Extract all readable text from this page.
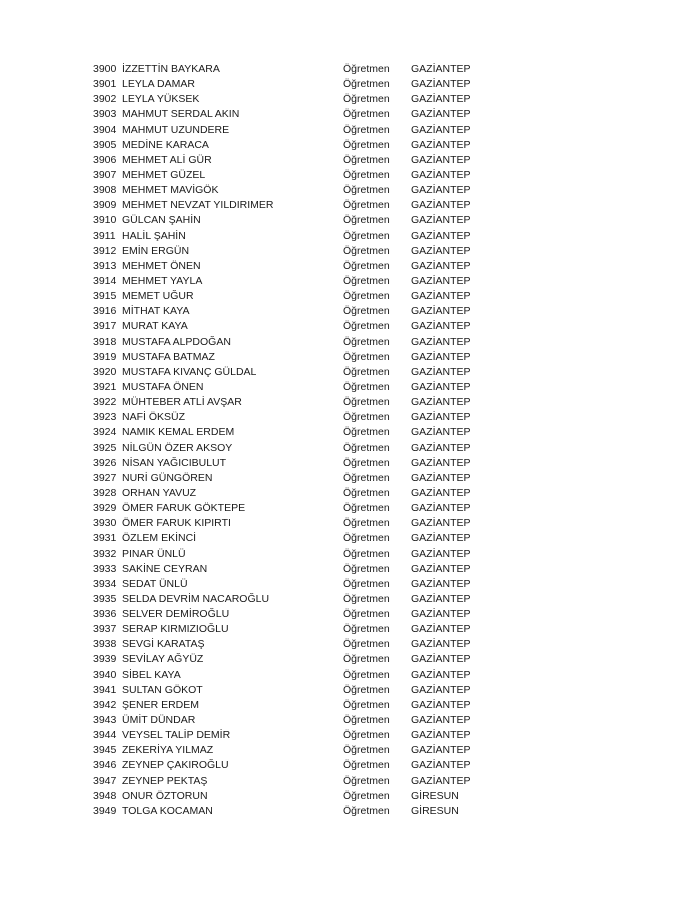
3900 İZZETTİN BAYKARA	Öğretmen	GAZİANTEP
3901 LEYLA DAMAR	Öğretmen	GAZİANTEP
3902 LEYLA YÜKSEK	Öğretmen	GAZİANTEP
3903 MAHMUT SERDAL AKIN	Öğretmen	GAZİANTEP
3904 MAHMUT UZUNDERE	Öğretmen	GAZİANTEP
3905 MEDİNE KARACA	Öğretmen	GAZİANTEP
3906 MEHMET ALİ GÜR	Öğretmen	GAZİANTEP
3907 MEHMET GÜZEL	Öğretmen	GAZİANTEP
3908 MEHMET MAVİGÖK	Öğretmen	GAZİANTEP
3909 MEHMET NEVZAT YILDIRIMER	Öğretmen	GAZİANTEP
3910 GÜLCAN ŞAHİN	Öğretmen	GAZİANTEP
3911 HALİL ŞAHİN	Öğretmen	GAZİANTEP
3912 EMİN ERGÜN	Öğretmen	GAZİANTEP
3913 MEHMET ÖNEN	Öğretmen	GAZİANTEP
3914 MEHMET YAYLA	Öğretmen	GAZİANTEP
3915 MEMET UĞUR	Öğretmen	GAZİANTEP
3916 MİTHAT KAYA	Öğretmen	GAZİANTEP
3917 MURAT KAYA	Öğretmen	GAZİANTEP
3918 MUSTAFA ALPDOĞAN	Öğretmen	GAZİANTEP
3919 MUSTAFA BATMAZ	Öğretmen	GAZİANTEP
3920 MUSTAFA KIVANÇ GÜLDAL	Öğretmen	GAZİANTEP
3921 MUSTAFA ÖNEN	Öğretmen	GAZİANTEP
3922 MÜHTEBER ATLİ AVŞAR	Öğretmen	GAZİANTEP
3923 NAFİ ÖKSÜZ	Öğretmen	GAZİANTEP
3924 NAMIK KEMAL ERDEM	Öğretmen	GAZİANTEP
3925 NİLGÜN ÖZER AKSOY	Öğretmen	GAZİANTEP
3926 NİSAN YAĞICIBULUT	Öğretmen	GAZİANTEP
3927 NURİ GÜNGÖREN	Öğretmen	GAZİANTEP
3928 ORHAN YAVUZ	Öğretmen	GAZİANTEP
3929 ÖMER FARUK GÖKTEPE	Öğretmen	GAZİANTEP
3930 ÖMER FARUK KIPIRTI	Öğretmen	GAZİANTEP
3931 ÖZLEM EKİNCİ	Öğretmen	GAZİANTEP
3932 PINAR ÜNLÜ	Öğretmen	GAZİANTEP
3933 SAKİNE CEYRAN	Öğretmen	GAZİANTEP
3934 SEDAT ÜNLÜ	Öğretmen	GAZİANTEP
3935 SELDA DEVRİM NACAROĞLU	Öğretmen	GAZİANTEP
3936 SELVER DEMİROĞLU	Öğretmen	GAZİANTEP
3937 SERAP KIRMIZIOĞLU	Öğretmen	GAZİANTEP
3938 SEVGİ KARATAŞ	Öğretmen	GAZİANTEP
3939 SEVİLAY AĞYÜZ	Öğretmen	GAZİANTEP
3940 SİBEL KAYA	Öğretmen	GAZİANTEP
3941 SULTAN GÖKOT	Öğretmen	GAZİANTEP
3942 ŞENER ERDEM	Öğretmen	GAZİANTEP
3943 ÜMİT DÜNDAR	Öğretmen	GAZİANTEP
3944 VEYSEL TALİP DEMİR	Öğretmen	GAZİANTEP
3945 ZEKERİYA YILMAZ	Öğretmen	GAZİANTEP
3946 ZEYNEP ÇAKIROĞLU	Öğretmen	GAZİANTEP
3947 ZEYNEP PEKTAŞ	Öğretmen	GAZİANTEP
3948 ONUR ÖZTORUN	Öğretmen	GİRESUN
3949 TOLGA KOCAMAN	Öğretmen	GİRESUN
